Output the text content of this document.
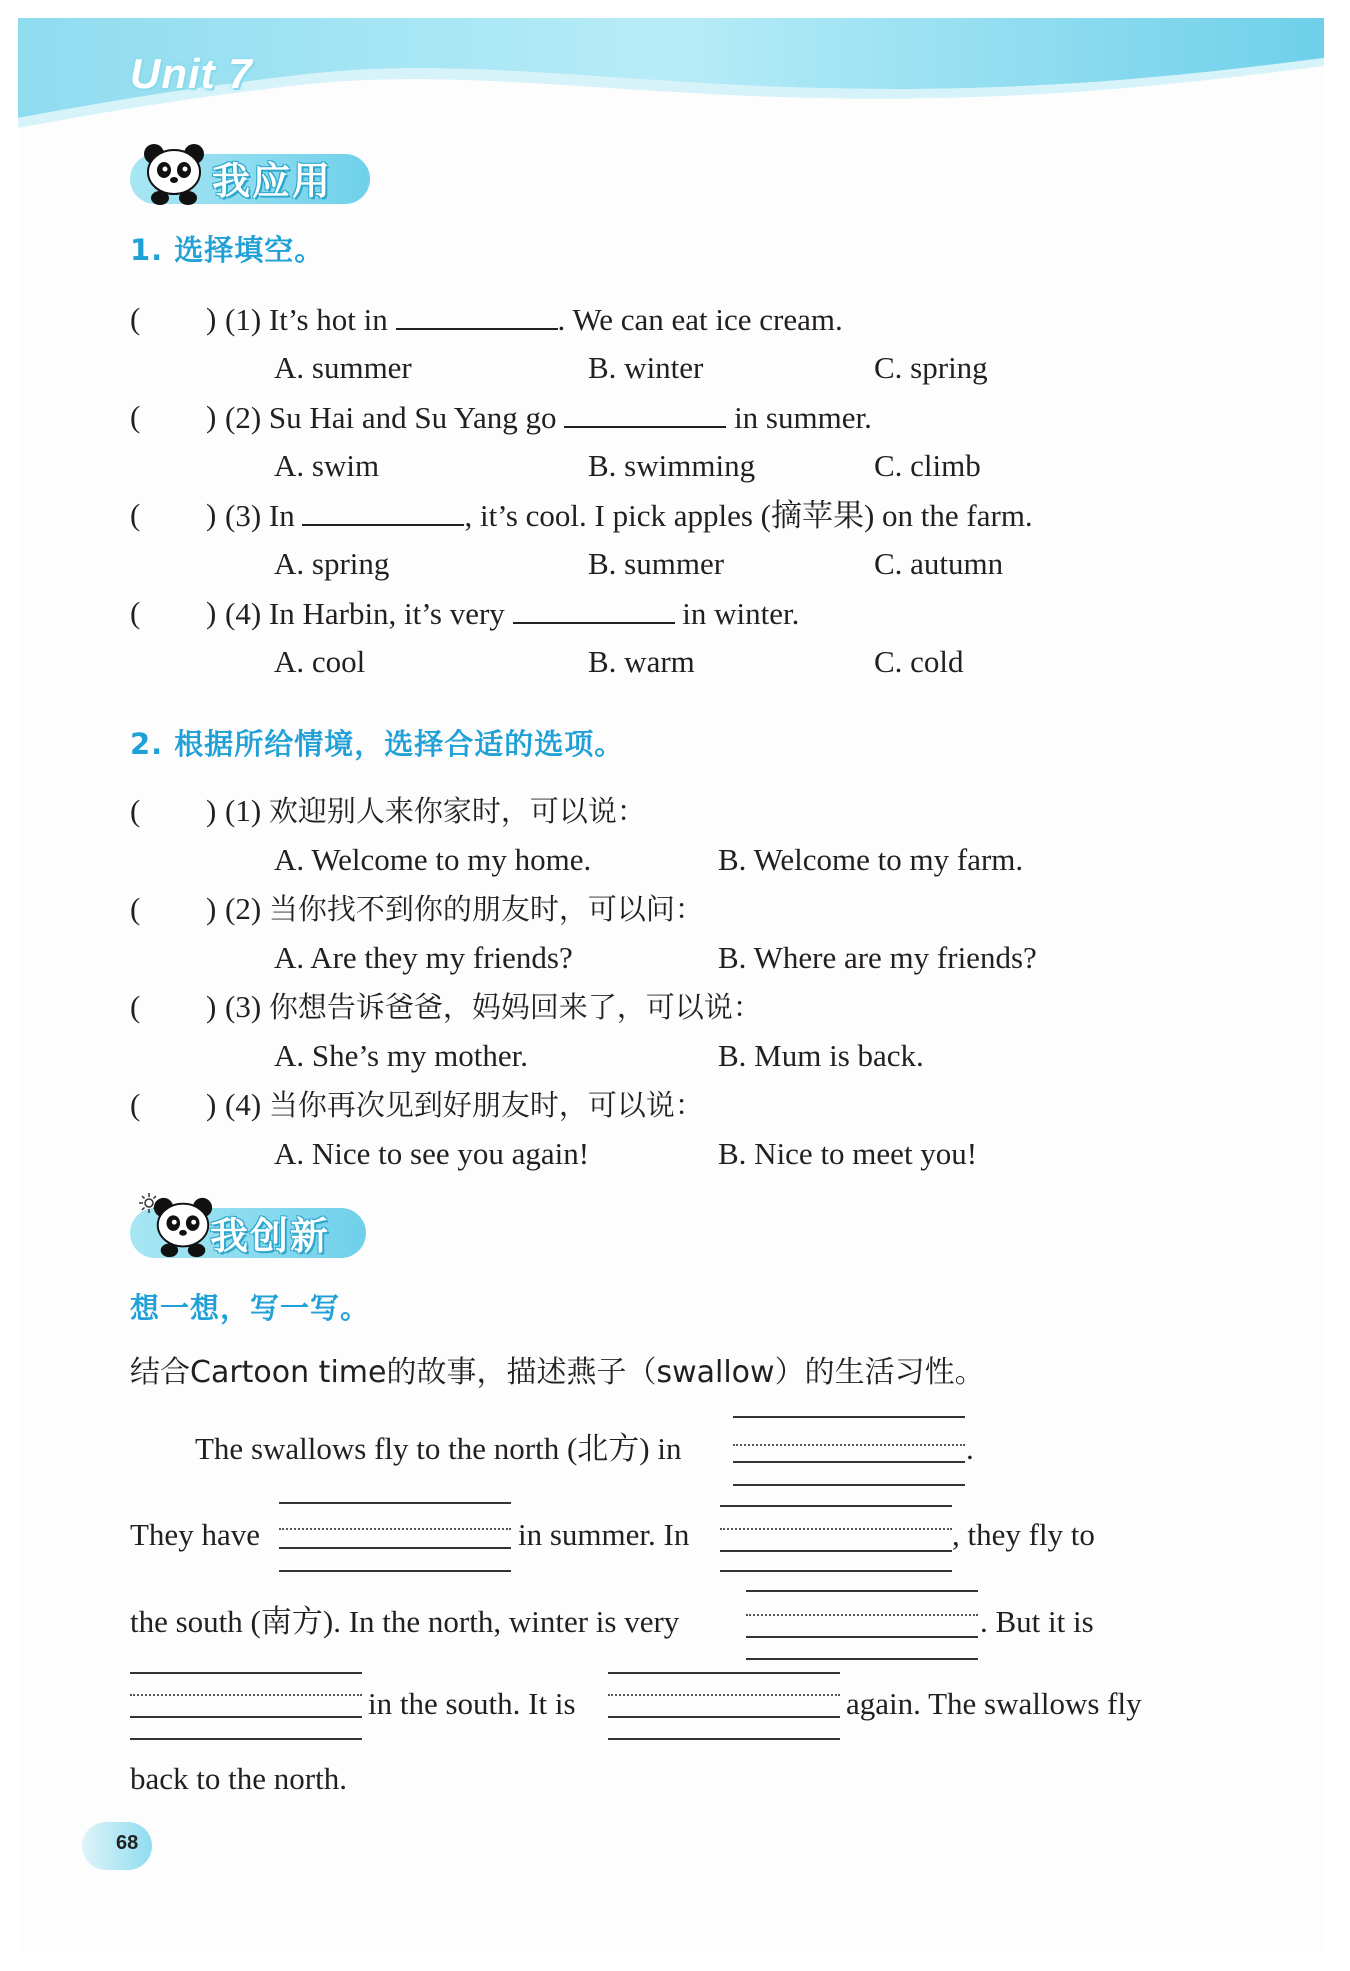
Unit 7
我应用
1. 选择填空。
( ) (1) It’s hot in	. We can eat ice cream.
A. summer	B. winter	C. spring
( ) (2) Su Hai and Su Yang go	in summer.
A. swim	B. swimming	C. climb
( ) (3) In	, it’s cool. I pick apples (摘苹果) on the farm.
A. spring	B. summer	C. autumn
( ) (4) In Harbin, it’s very	in winter.
A. cool	B. warm	C. cold
2. 根据所给情境，选择合适的选项。
( ) (1) 欢迎别人来你家时，可以说：
A. Welcome to my home.	B. Welcome to my farm.
( ) (2) 当你找不到你的朋友时，可以问：
A. Are they my friends?	B. Where are my friends?
( ) (3) 你想告诉爸爸，妈妈回来了，可以说：
A. She’s my mother.	B. Mum is back.
( ) (4) 当你再次见到好朋友时，可以说：
A. Nice to see you again!	B. Nice to meet you!
我创新
想一想，写一写。
结合Cartoon time的故事，描述燕子（swallow）的生活习性。
The swallows fly to the north (北方) in	.
They have	in summer. In	, they fly to
the south (南方). In the north, winter is very	. But it is
in the south. It is	again. The swallows fly
back to the north.
68
